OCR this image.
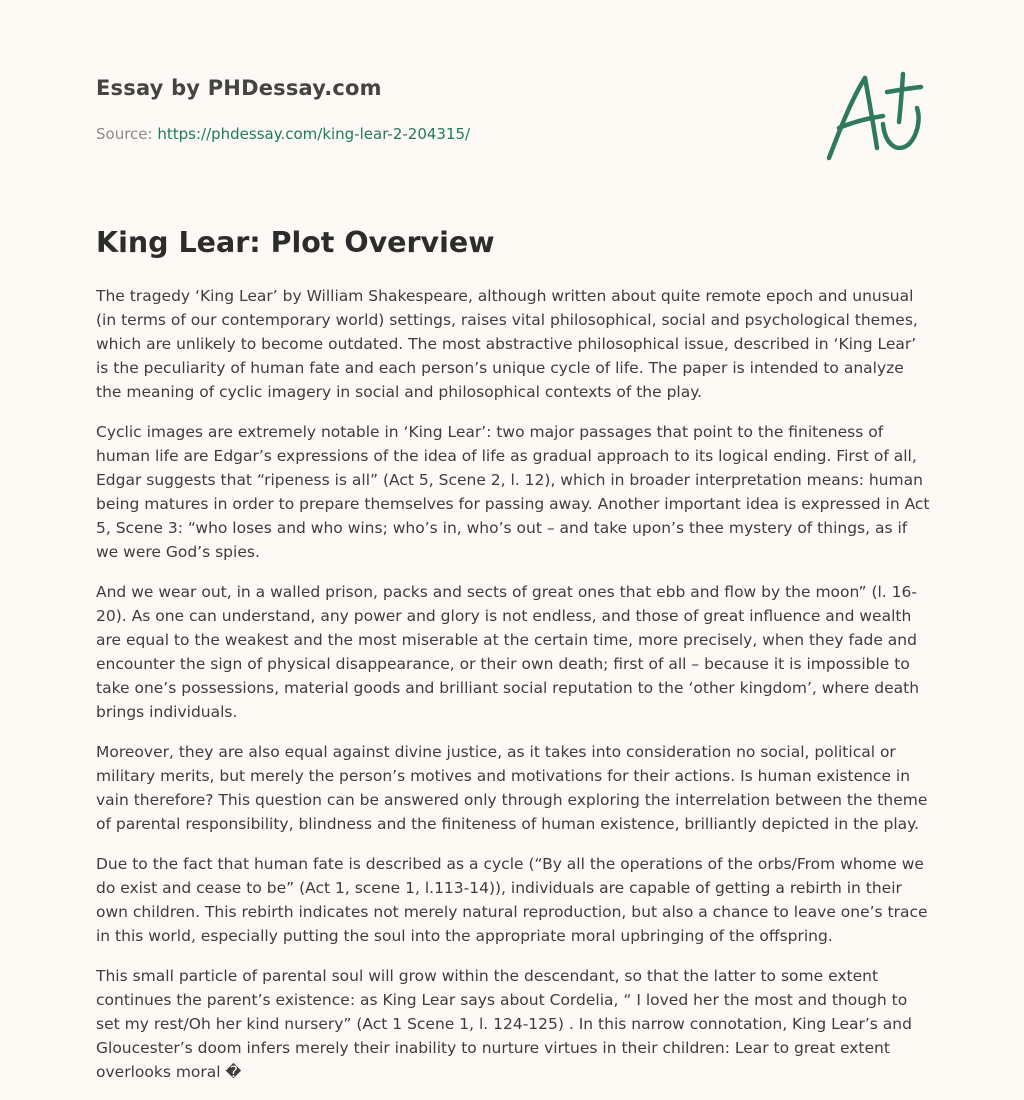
Essay by PHDessay.com
Source: https://phdessay.com/king-lear-2-204315/
King Lear: Plot Overview

The tragedy ‘King Lear’ by William Shakespeare, although written about quite remote epoch and unusual (in terms of our contemporary world) settings, raises vital philosophical, social and psychological themes, which are unlikely to become outdated. The most abstractive philosophical issue, described in ‘King Lear’ is the peculiarity of human fate and each person’s unique cycle of life. The paper is intended to analyze the meaning of cyclic imagery in social and philosophical contexts of the play.

Cyclic images are extremely notable in ‘King Lear’: two major passages that point to the finiteness of human life are Edgar’s expressions of the idea of life as gradual approach to its logical ending. First of all, Edgar suggests that “ripeness is all” (Act 5, Scene 2, l. 12), which in broader interpretation means: human being matures in order to prepare themselves for passing away. Another important idea is expressed in Act 5, Scene 3: “who loses and who wins; who’s in, who’s out – and take upon’s thee mystery of things, as if we were God’s spies.

And we wear out, in a walled prison, packs and sects of great ones that ebb and flow by the moon” (l. 16-20). As one can understand, any power and glory is not endless, and those of great influence and wealth are equal to the weakest and the most miserable at the certain time, more precisely, when they fade and encounter the sign of physical disappearance, or their own death; first of all – because it is impossible to take one’s possessions, material goods and brilliant social reputation to the ‘other kingdom’, where death brings individuals.

Moreover, they are also equal against divine justice, as it takes into consideration no social, political or military merits, but merely the person’s motives and motivations for their actions. Is human existence in vain therefore? This question can be answered only through exploring the interrelation between the theme of parental responsibility, blindness and the finiteness of human existence, brilliantly depicted in the play.

Due to the fact that human fate is described as a cycle (“By all the operations of the orbs/From whome we do exist and cease to be” (Act 1, scene 1, l.113-14)), individuals are capable of getting a rebirth in their own children. This rebirth indicates not merely natural reproduction, but also a chance to leave one’s trace in this world, especially putting the soul into the appropriate moral upbringing of the offspring.

This small particle of parental soul will grow within the descendant, so that the latter to some extent continues the parent’s existence: as King Lear says about Cordelia, “ I loved her the most and though to set my rest/Oh her kind nursery” (Act 1 Scene 1, l. 124-125) . In this narrow connotation, King Lear’s and Gloucester’s doom infers merely their inability to nurture virtues in their children: Lear to great extent overlooks moral �
